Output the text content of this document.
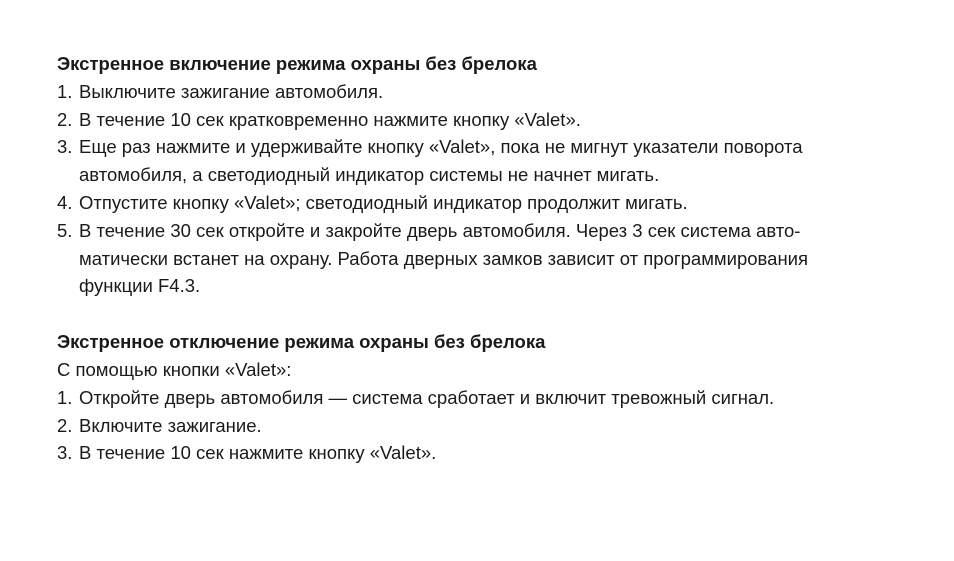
Экстренное включение режима охраны без брелока

1. Выключите зажигание автомобиля.
2. В течение 10 сек кратковременно нажмите кнопку «Valet».
3. Еще раз нажмите и удерживайте кнопку «Valet», пока не мигнут указатели поворота
автомобиля, а светодиодный индикатор системы не начнет мигать.
4. Отпустите кнопку «Valet»; светодиодный индикатор продолжит мигать.
5. В течение 30 сек откройте и закройте дверь автомобиля. Через 3 сек система авто-
матически встанет на охрану. Работа дверных замков зависит от программирования
функции F4.3.

Экстренное отключение режима охраны без брелока

С помощью кнопки «Valet»:

1. Откройте дверь автомобиля — система сработает и включит тревожный сигнал.
2. Включите зажигание.
3. В течение 10 сек нажмите кнопку «Valet».
